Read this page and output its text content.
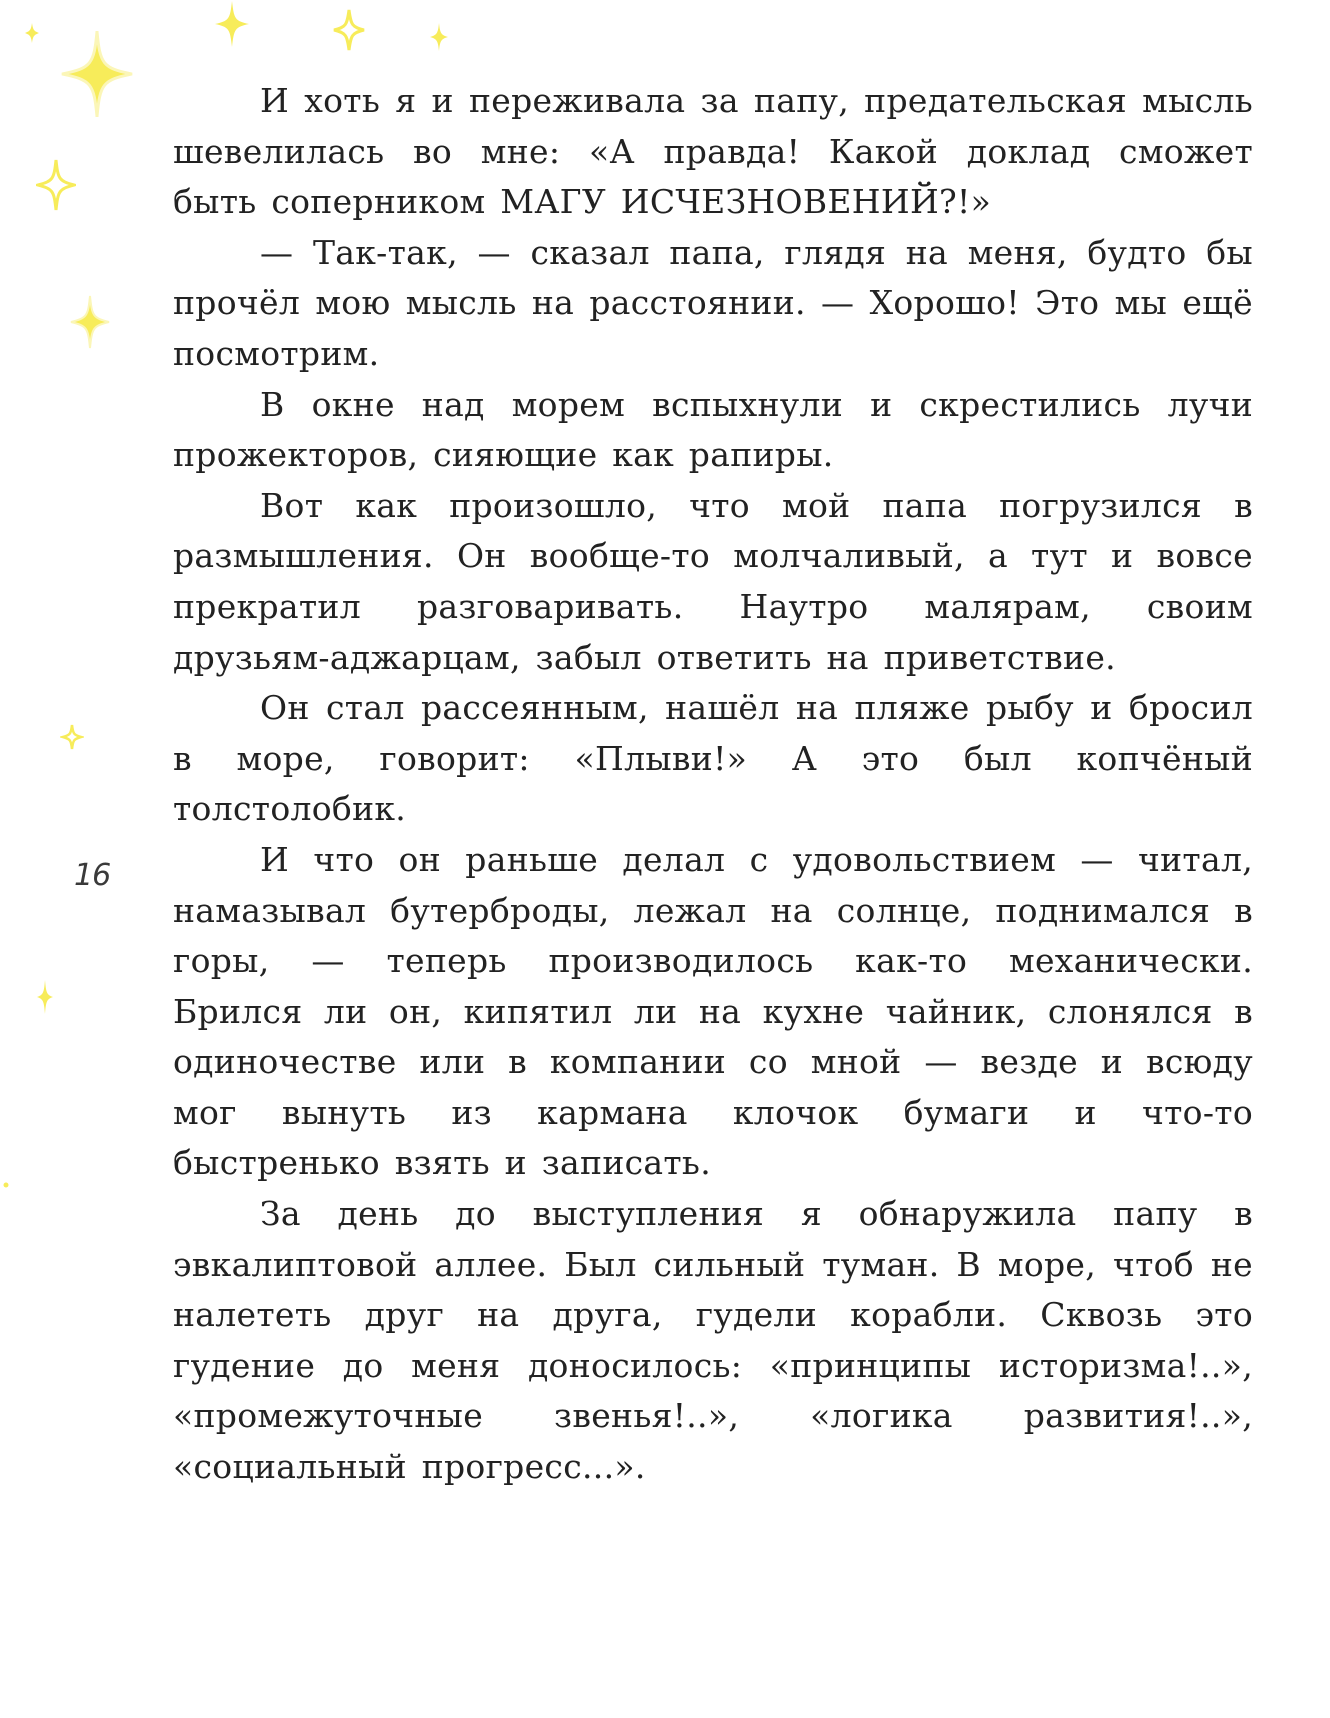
16

И хоть я и переживала за папу, предательская мысль шевелилась во мне: «А правда! Какой доклад сможет быть соперником МАГУ ИСЧЕЗНОВЕНИЙ?!»

— Так-так, — сказал папа, глядя на меня, будто бы прочёл мою мысль на расстоянии. — Хорошо! Это мы ещё посмотрим.

В окне над морем вспыхнули и скрестились лучи прожекторов, сияющие как рапиры.

Вот как произошло, что мой папа погрузился в размышления. Он вообще-то молчаливый, а тут и вовсе прекратил разговаривать. Наутро малярам, своим друзьям-аджарцам, забыл ответить на приветствие.

Он стал рассеянным, нашёл на пляже рыбу и бросил в море, говорит: «Плыви!» А это был копчёный толстолобик.

И что он раньше делал с удовольствием — читал, намазывал бутерброды, лежал на солнце, поднимался в горы, — теперь производилось как-то механически. Брился ли он, кипятил ли на кухне чайник, слонялся в одиночестве или в компании со мной — везде и всюду мог вынуть из кармана клочок бумаги и что-то быстренько взять и записать.

За день до выступления я обнаружила папу в эвкалиптовой аллее. Был сильный туман. В море, чтоб не налететь друг на друга, гудели корабли. Сквозь это гудение до меня доносилось: «принципы историзма!..», «промежуточные звенья!..», «логика развития!..», «социальный прогресс...».
